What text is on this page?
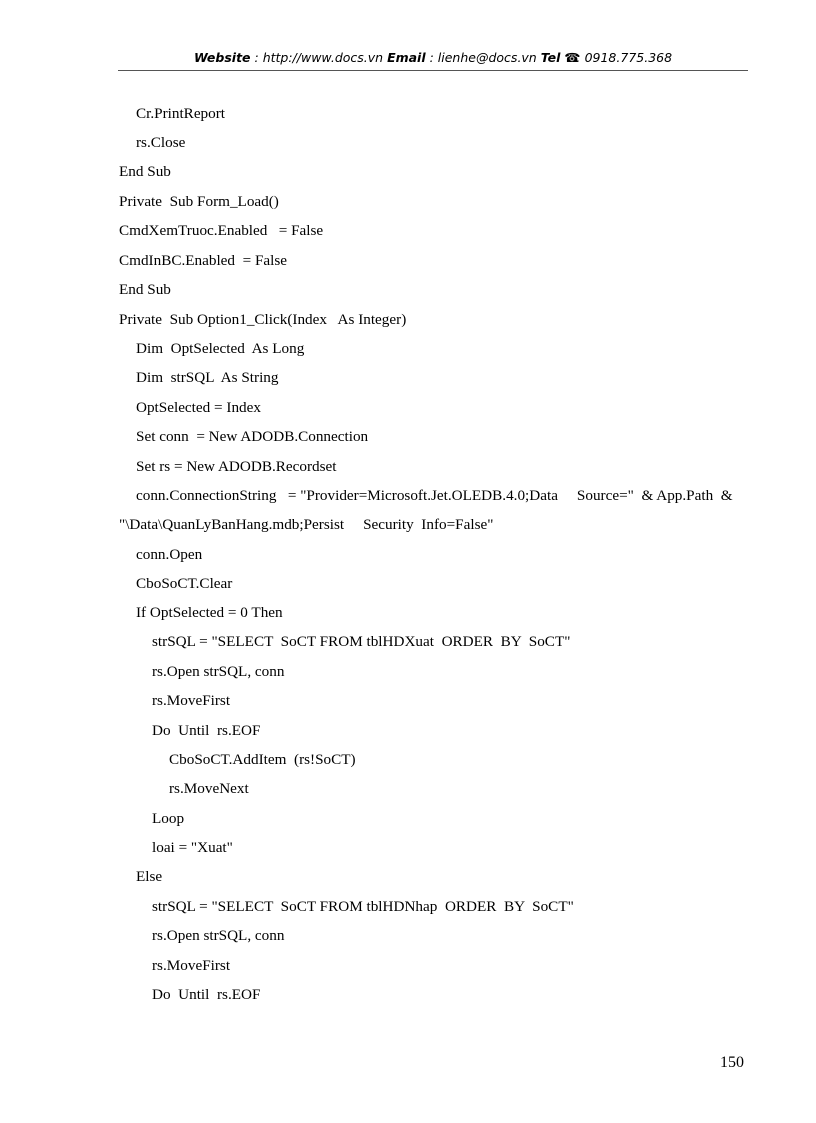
Website : http://www.docs.vn Email : lienhe@docs.vn Tel ☎: 0918.775.368
Cr.PrintReport
rs.Close
End Sub
Private  Sub Form_Load()
CmdXemTruoc.Enabled   = False
CmdInBC.Enabled  = False
End Sub
Private  Sub Option1_Click(Index   As Integer)
Dim  OptSelected  As Long
Dim  strSQL  As String
OptSelected = Index
Set conn  = New ADODB.Connection
Set rs = New ADODB.Recordset
conn.ConnectionString   = "Provider=Microsoft.Jet.OLEDB.4.0;Data     Source="  & App.Path  &
"\Data\QuanLyBanHang.mdb;Persist     Security  Info=False"
conn.Open
CboSoCT.Clear
If OptSelected = 0 Then
strSQL = "SELECT  SoCT FROM tblHDXuat  ORDER  BY  SoCT"
rs.Open strSQL, conn
rs.MoveFirst
Do  Until  rs.EOF
CboSoCT.AddItem  (rs!SoCT)
rs.MoveNext
Loop
loai = "Xuat"
Else
strSQL = "SELECT  SoCT FROM tblHDNhap  ORDER  BY  SoCT"
rs.Open strSQL, conn
rs.MoveFirst
Do  Until  rs.EOF
150
